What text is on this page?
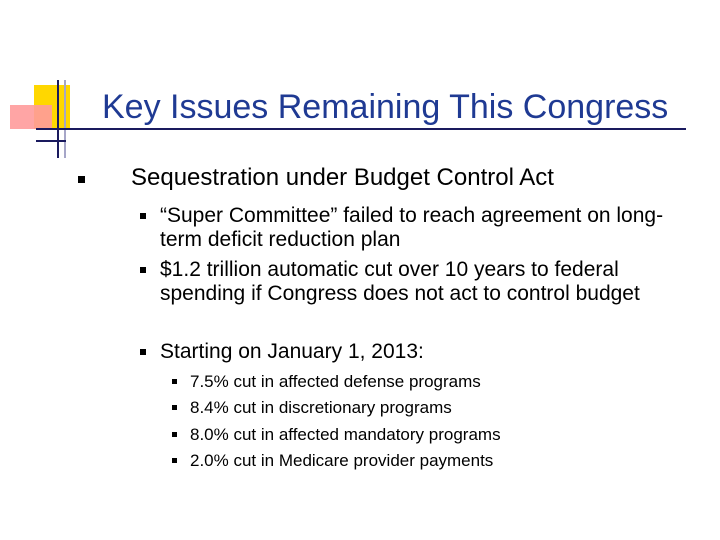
Key Issues Remaining This Congress
Sequestration under Budget Control Act
“Super Committee” failed to reach agreement on long-term deficit reduction plan
$1.2 trillion automatic cut over 10 years to federal spending if Congress does not act to control budget
Starting on January 1, 2013:
7.5% cut in affected defense programs
8.4% cut in discretionary programs
8.0% cut in affected mandatory programs
2.0% cut in Medicare provider payments
